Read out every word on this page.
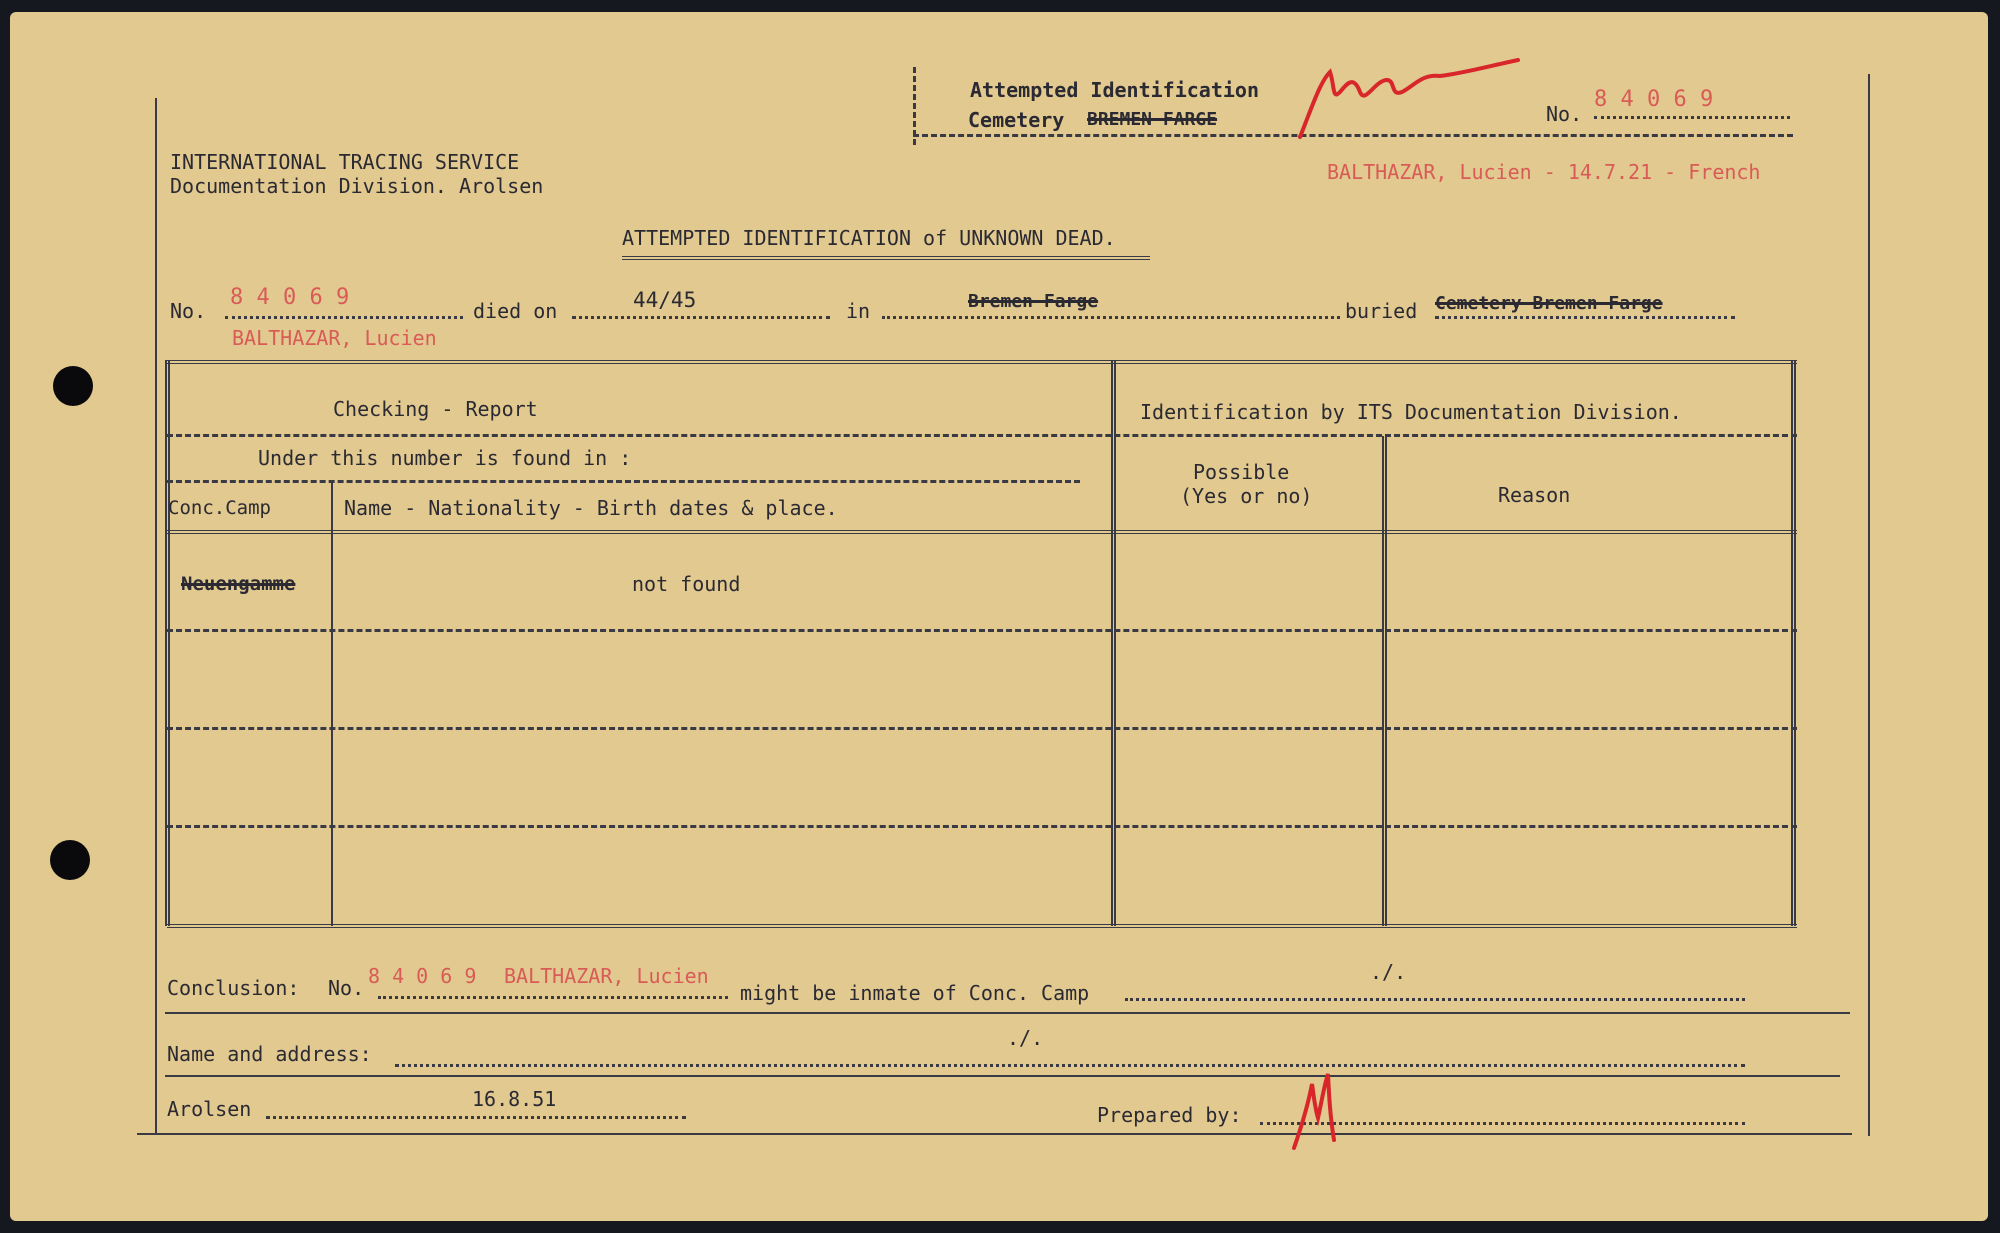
Attempted Identification
Cemetery BREMEN-FARGE	No.
8 4 0 6 9
BALTHAZAR, Lucien - 14.7.21 - French
INTERNATIONAL TRACING SERVICE
Documentation Division. Arolsen
ATTEMPTED IDENTIFICATION of UNKNOWN DEAD.
No.
8 4 0 6 9
died on	44/45	in	Bremen-Farge	buried Cemetery Bremen-Farge
BALTHAZAR, Lucien
Checking - Report	Identification by ITS Documentation Division.
Under this number is found in :
Conc.Camp	Name - Nationality - Birth dates & place.
Possible
(Yes or no)	Reason
Neuengamme	not found
Conclusion: No. 8 4 0 6 9 BALTHAZAR, Lucien
might be inmate of Conc. Camp
./.
Name and address:
./.
Arolsen	16.8.51
Prepared by:
